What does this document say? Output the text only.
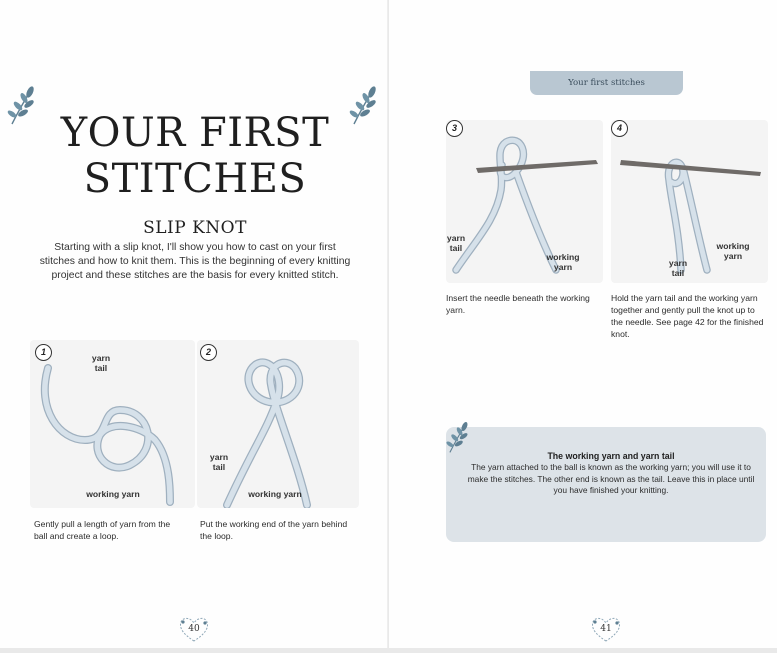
YOUR FIRST
STITCHES
SLIP KNOT

Starting with a slip knot, I'll show you how to cast on your first stitches and how to knit them. This is the beginning of every knitting project and these stitches are the basis for every knitted stitch.

1
yarn
tail
working yarn

Gently pull a length of yarn from the ball and create a loop.

2
yarn
tail
working yarn

Put the working end of the yarn behind the loop.

40
Your first stitches
3
yarn
tail
working
yarn

Insert the needle beneath the working yarn.

4
yarn
tail
working
yarn

Hold the yarn tail and the working yarn together and gently pull the knot up to the needle. See page 42 for the finished knot.

The working yarn and yarn tail

The yarn attached to the ball is known as the working yarn; you will use it to make the stitches. The other end is known as the tail. Leave this in place until you have finished your knitting.

41
